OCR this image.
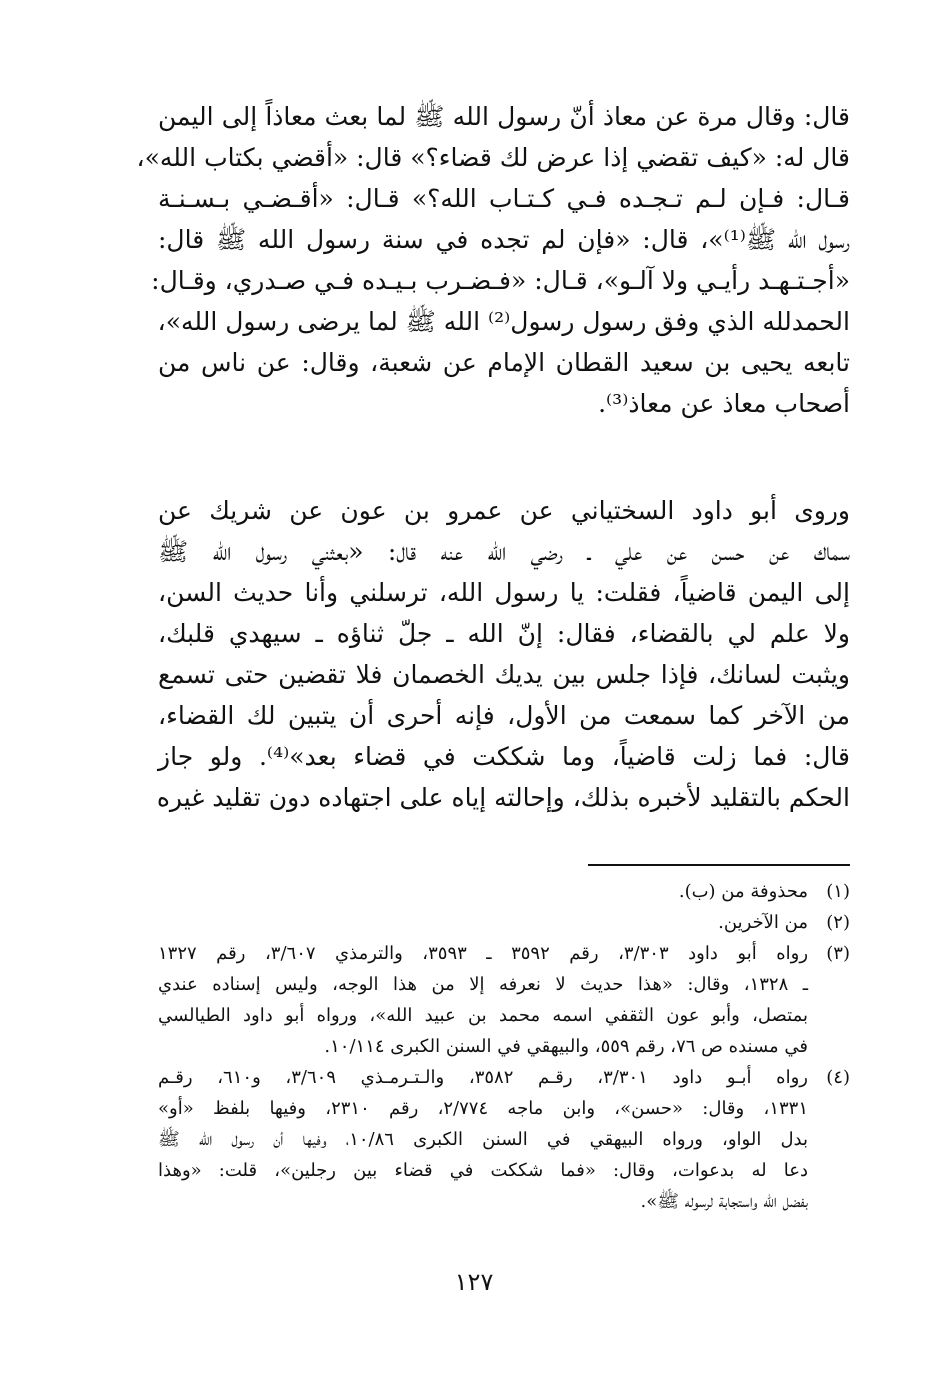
قال: وقال مرة عن معاذ أنّ رسول الله ﷺ لما بعث معاذاً إلى اليمن
قال له: «كيف تقضي إذا عرض لك قضاء؟» قال: «أقضي بكتاب الله»،
قـال: فـإن لـم تـجـده فـي كـتـاب الله؟» قـال: «أقـضـي بـسـنـة
رسول الله ﷺ⁽¹⁾»، قال: «فإن لم تجده في سنة رسول الله ﷺ قال:
«أجـتـهـد رأيـي ولا آلـو»، قـال: «فـضـرب بـيـده فـي صـدري، وقـال:
الحمدلله الذي وفق رسول رسول⁽²⁾ الله ﷺ لما يرضى رسول الله»،
تابعه يحيى بن سعيد القطان الإمام عن شعبة، وقال: عن ناس من
أصحاب معاذ عن معاذ⁽³⁾.
وروى أبو داود السختياني عن عمرو بن عون عن شريك عن
سماك عن حسن عن علي ـ رضي الله عنه قال: «بعثني رسول الله ﷺ
إلى اليمن قاضياً، فقلت: يا رسول الله، ترسلني وأنا حديث السن،
ولا علم لي بالقضاء، فقال: إنّ الله ـ جلّ ثناؤه ـ سيهدي قلبك،
ويثبت لسانك، فإذا جلس بين يديك الخصمان فلا تقضين حتى تسمع
من الآخر كما سمعت من الأول، فإنه أحرى أن يتبين لك القضاء،
قال: فما زلت قاضياً، وما شككت في قضاء بعد»⁽⁴⁾. ولو جاز
الحكم بالتقليد لأخبره بذلك، وإحالته إياه على اجتهاده دون تقليد غيره
(١)
محذوفة من (ب).
(٢)
من الآخرين.
(٣)
رواه أبو داود ٣/٣٠٣، رقم ٣٥٩٢ ـ ٣٥٩٣، والترمذي ٣/٦٠٧، رقم ١٣٢٧
ـ ١٣٢٨، وقال: «هذا حديث لا نعرفه إلا من هذا الوجه، وليس إسناده عندي
بمتصل، وأبو عون الثقفي اسمه محمد بن عبيد الله»، ورواه أبو داود الطيالسي
في مسنده ص ٧٦، رقم ٥٥٩، والبيهقي في السنن الكبرى ١٠/١١٤.
(٤)
رواه أبـو داود ٣/٣٠١، رقـم ٣٥٨٢، والـتـرمـذي ٣/٦٠٩، و٦١٠، رقـم
١٣٣١، وقال: «حسن»، وابن ماجه ٢/٧٧٤، رقم ٢٣١٠، وفيها بلفظ «أو»
بدل الواو، ورواه البيهقي في السنن الكبرى ١٠/٨٦، وفيها أن رسول الله ﷺ
دعا له بدعوات، وقال: «فما شككت في قضاء بين رجلين»، قلت: «وهذا
بفضل الله واستجابة لرسوله ﷺ».
١٢٧
